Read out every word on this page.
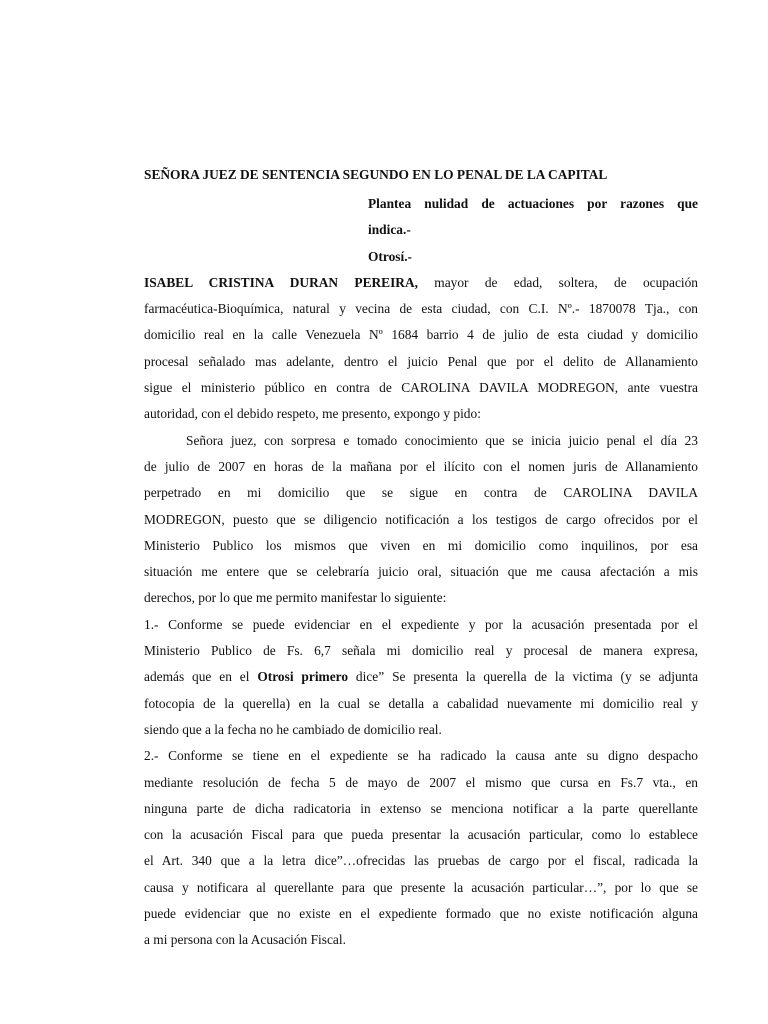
SEÑORA JUEZ DE SENTENCIA SEGUNDO EN LO PENAL DE LA CAPITAL
Plantea nulidad de actuaciones por razones que
indica.-
Otrosí.-
ISABEL CRISTINA DURAN PEREIRA, mayor de edad, soltera, de ocupación
farmacéutica-Bioquímica, natural y vecina de esta ciudad, con C.I. Nº.- 1870078 Tja., con
domicilio real en la calle Venezuela Nº 1684 barrio 4 de julio de esta ciudad y domicilio
procesal señalado mas adelante, dentro el juicio Penal que por el delito de Allanamiento
sigue el ministerio público en contra de CAROLINA DAVILA MODREGON, ante vuestra
autoridad, con el debido respeto, me presento, expongo y pido:
Señora juez, con sorpresa e tomado conocimiento que se inicia juicio penal el día 23
de julio de 2007 en horas de la mañana por el ilícito con el nomen juris de Allanamiento
perpetrado en mi domicilio que se sigue en contra de CAROLINA DAVILA
MODREGON, puesto que se diligencio notificación a los testigos de cargo ofrecidos por el
Ministerio Publico los mismos que viven en mi domicilio como inquilinos, por esa
situación me entere que se celebraría juicio oral, situación que me causa afectación a mis
derechos, por lo que me permito manifestar lo siguiente:
1.- Conforme se puede evidenciar en el expediente y por la acusación presentada por el
Ministerio Publico de Fs. 6,7 señala mi domicilio real y procesal de manera expresa,
además que en el Otrosi primero dice” Se presenta la querella de la victima (y se adjunta
fotocopia de la querella) en la cual se detalla a cabalidad nuevamente mi domicilio real y
siendo que a la fecha no he cambiado de domicilio real.
2.- Conforme se tiene en el expediente se ha radicado la causa ante su digno despacho
mediante resolución de fecha 5 de mayo de 2007 el mismo que cursa en Fs.7 vta., en
ninguna parte de dicha radicatoria in extenso se menciona notificar a la parte querellante
con la acusación Fiscal para que pueda presentar la acusación particular, como lo establece
el Art. 340 que a la letra dice”…ofrecidas las pruebas de cargo por el fiscal, radicada la
causa y notificara al querellante para que presente la acusación particular…”, por lo que se
puede evidenciar que no existe en el expediente formado que no existe notificación alguna
a mi persona con la Acusación Fiscal.
